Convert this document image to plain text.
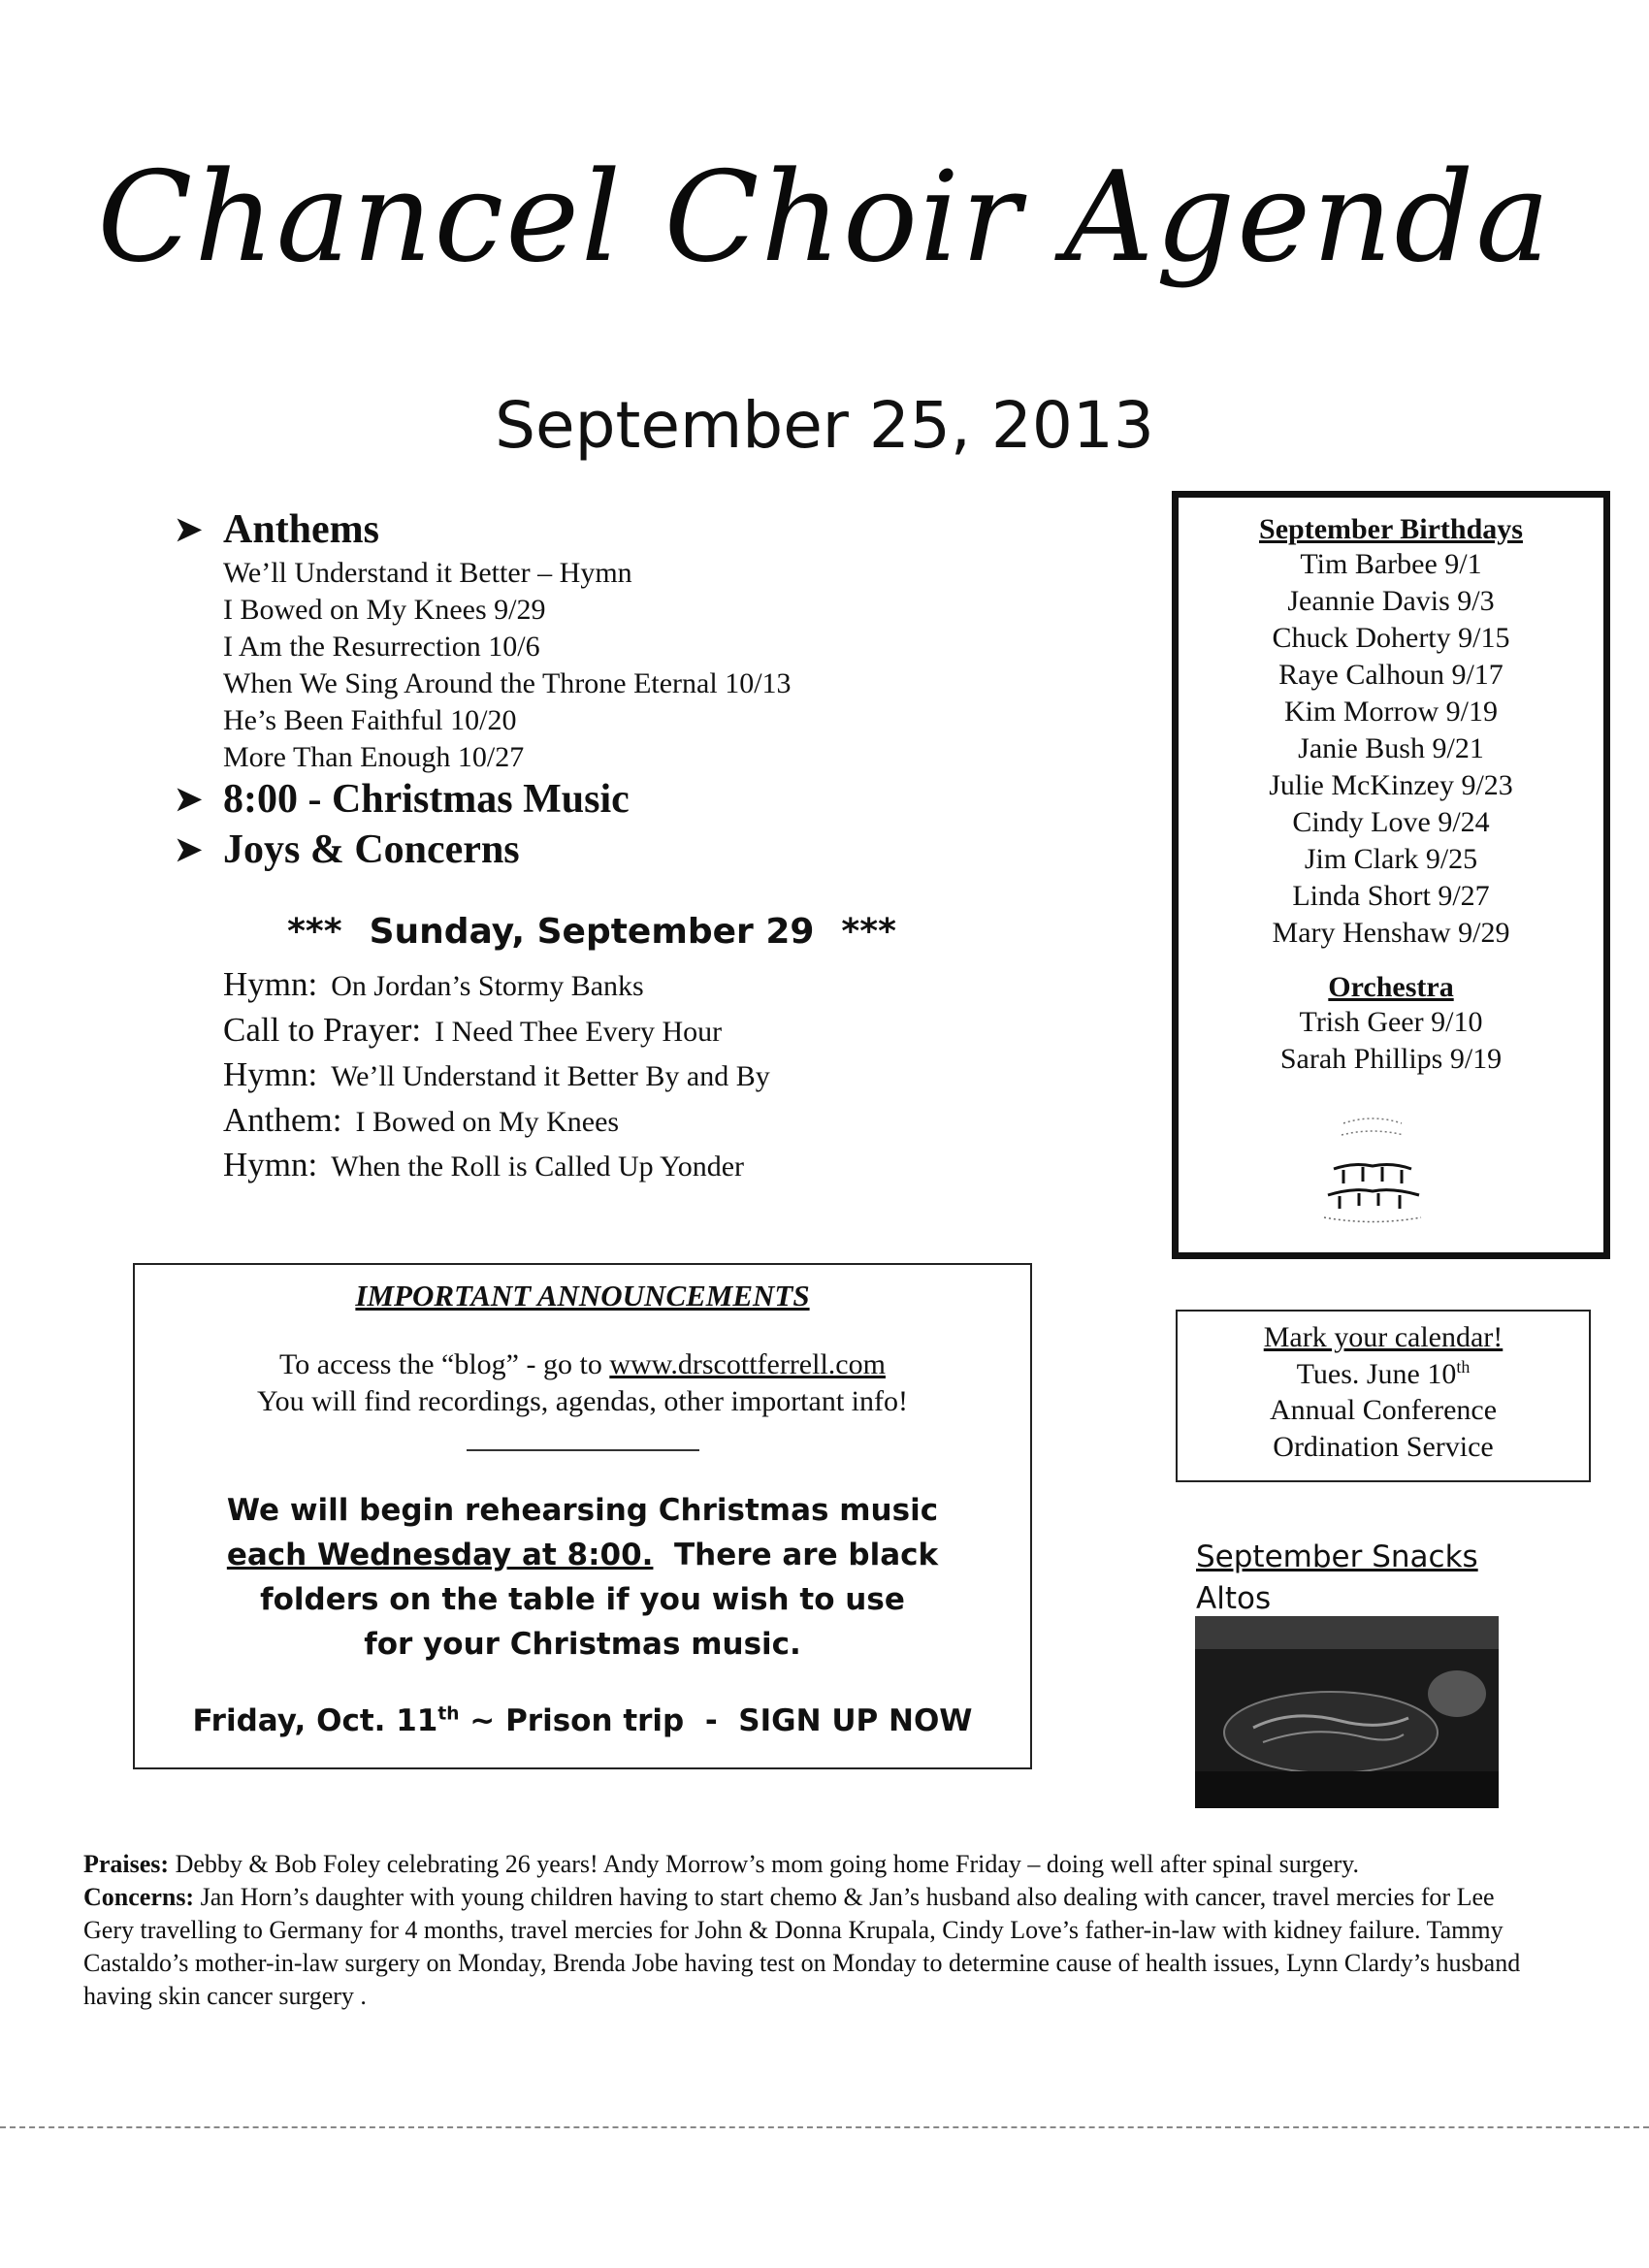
Chancel Choir Agenda
September 25, 2013
➤ Anthems
We’ll Understand it Better – Hymn
I Bowed on My Knees 9/29
I Am the Resurrection 10/6
When We Sing Around the Throne Eternal 10/13
He’s Been Faithful 10/20
More Than Enough 10/27
➤ 8:00 - Christmas Music
➤ Joys & Concerns
*** Sunday, September 29 ***
Hymn: On Jordan’s Stormy Banks
Call to Prayer: I Need Thee Every Hour
Hymn: We’ll Understand it Better By and By
Anthem: I Bowed on My Knees
Hymn: When the Roll is Called Up Yonder
September Birthdays
Tim Barbee 9/1
Jeannie Davis 9/3
Chuck Doherty 9/15
Raye Calhoun 9/17
Kim Morrow 9/19
Janie Bush 9/21
Julie McKinzey 9/23
Cindy Love 9/24
Jim Clark 9/25
Linda Short 9/27
Mary Henshaw 9/29
Orchestra
Trish Geer 9/10
Sarah Phillips 9/19
IMPORTANT ANNOUNCEMENTS
To access the “blog” - go to www.drscottferrell.com
You will find recordings, agendas, other important info!
We will begin rehearsing Christmas music
each Wednesday at 8:00.  There are black
folders on the table if you wish to use
for your Christmas music.
Friday, Oct. 11th ~ Prison trip  -  SIGN UP NOW
Mark your calendar!
Tues. June 10th
Annual Conference
Ordination Service
September Snacks
Altos
Praises: Debby & Bob Foley celebrating 26 years! Andy Morrow’s mom going home Friday – doing well after spinal surgery.
Concerns: Jan Horn’s daughter with young children having to start chemo & Jan’s husband also dealing with cancer, travel mercies for Lee Gery travelling to Germany for 4 months, travel mercies for John & Donna Krupala, Cindy Love’s father-in-law with kidney failure. Tammy Castaldo’s mother-in-law surgery on Monday, Brenda Jobe having test on Monday to determine cause of health issues, Lynn Clardy’s husband having skin cancer surgery .
